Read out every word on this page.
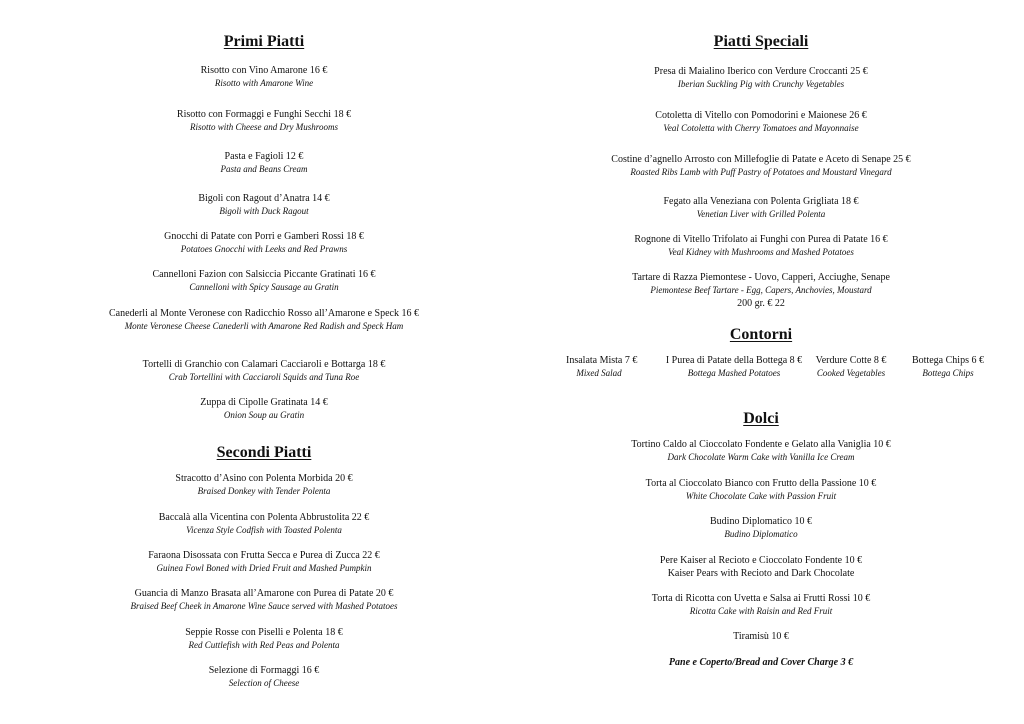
Primi Piatti
Risotto con Vino Amarone 16 €
Risotto with Amarone Wine
Risotto con Formaggi e Funghi Secchi 18 €
Risotto with Cheese and Dry Mushrooms
Pasta e Fagioli 12 €
Pasta and Beans Cream
Bigoli con Ragout d’Anatra 14 €
Bigoli with Duck Ragout
Gnocchi di Patate con Porri e Gamberi Rossi 18 €
Potatoes Gnocchi with Leeks and Red Prawns
Cannelloni Fazion con Salsiccia Piccante Gratinati 16 €
Cannelloni with Spicy Sausage au Gratin
Canederli al Monte Veronese con Radicchio Rosso all’Amarone e Speck 16 €
Monte Veronese Cheese Canederli with Amarone Red Radish and Speck Ham
Tortelli di Granchio con Calamari Cacciaroli e Bottarga 18 €
Crab Tortellini with Cacciaroli Squids and Tuna Roe
Zuppa di Cipolle Gratinata 14 €
Onion Soup au Gratin
Secondi Piatti
Stracotto d’Asino con Polenta Morbida 20 €
Braised Donkey with Tender Polenta
Baccalà alla Vicentina con Polenta Abbrustolita 22 €
Vicenza Style Codfish with Toasted Polenta
Faraona Disossata con Frutta Secca e Purea di Zucca 22 €
Guinea Fowl Boned with Dried Fruit and Mashed Pumpkin
Guancia di Manzo Brasata all’Amarone con Purea di Patate 20 €
Braised Beef Cheek in Amarone Wine Sauce served with Mashed Potatoes
Seppie Rosse con Piselli e Polenta 18 €
Red Cuttlefish with Red Peas and Polenta
Selezione di Formaggi 16 €
Selection of Cheese
Piatti Speciali
Presa di Maialino Iberico con Verdure Croccanti 25 €
Iberian Suckling Pig with Crunchy Vegetables
Cotoletta di Vitello con Pomodorini e Maionese 26 €
Veal Cotoletta with Cherry Tomatoes and Mayonnaise
Costine d’agnello Arrosto con Millefoglie di Patate e Aceto di Senape 25 €
Roasted Ribs Lamb with Puff Pastry of Potatoes and Moustard Vinegard
Fegato alla Veneziana con Polenta Grigliata 18 €
Venetian Liver with Grilled Polenta
Rognone di Vitello Trifolato ai Funghi con Purea di Patate 16 €
Veal Kidney with Mushrooms and Mashed Potatoes
Tartare di Razza Piemontese - Uovo, Capperi, Acciughe, Senape
Piemontese Beef Tartare - Egg, Capers, Anchovies, Moustard
200 gr. € 22
Contorni
Insalata Mista 7 €
Mixed Salad
I Purea di Patate della Bottega 8 €
Bottega Mashed Potatoes
Verdure Cotte 8 €
Cooked Vegetables
Bottega Chips 6 €
Bottega Chips
Dolci
Tortino Caldo al Cioccolato Fondente e Gelato alla Vaniglia 10 €
Dark Chocolate Warm Cake with Vanilla Ice Cream
Torta al Cioccolato Bianco con Frutto della Passione 10 €
White Chocolate Cake with Passion Fruit
Budino Diplomatico 10 €
Budino Diplomatico
Pere Kaiser al Recioto e Cioccolato Fondente 10 €
Kaiser Pears with Recioto and Dark Chocolate
Torta di Ricotta con Uvetta e Salsa ai Frutti Rossi 10 €
Ricotta Cake with Raisin and Red Fruit
Tiramisù 10 €
Pane e Coperto/Bread and Cover Charge 3 €
